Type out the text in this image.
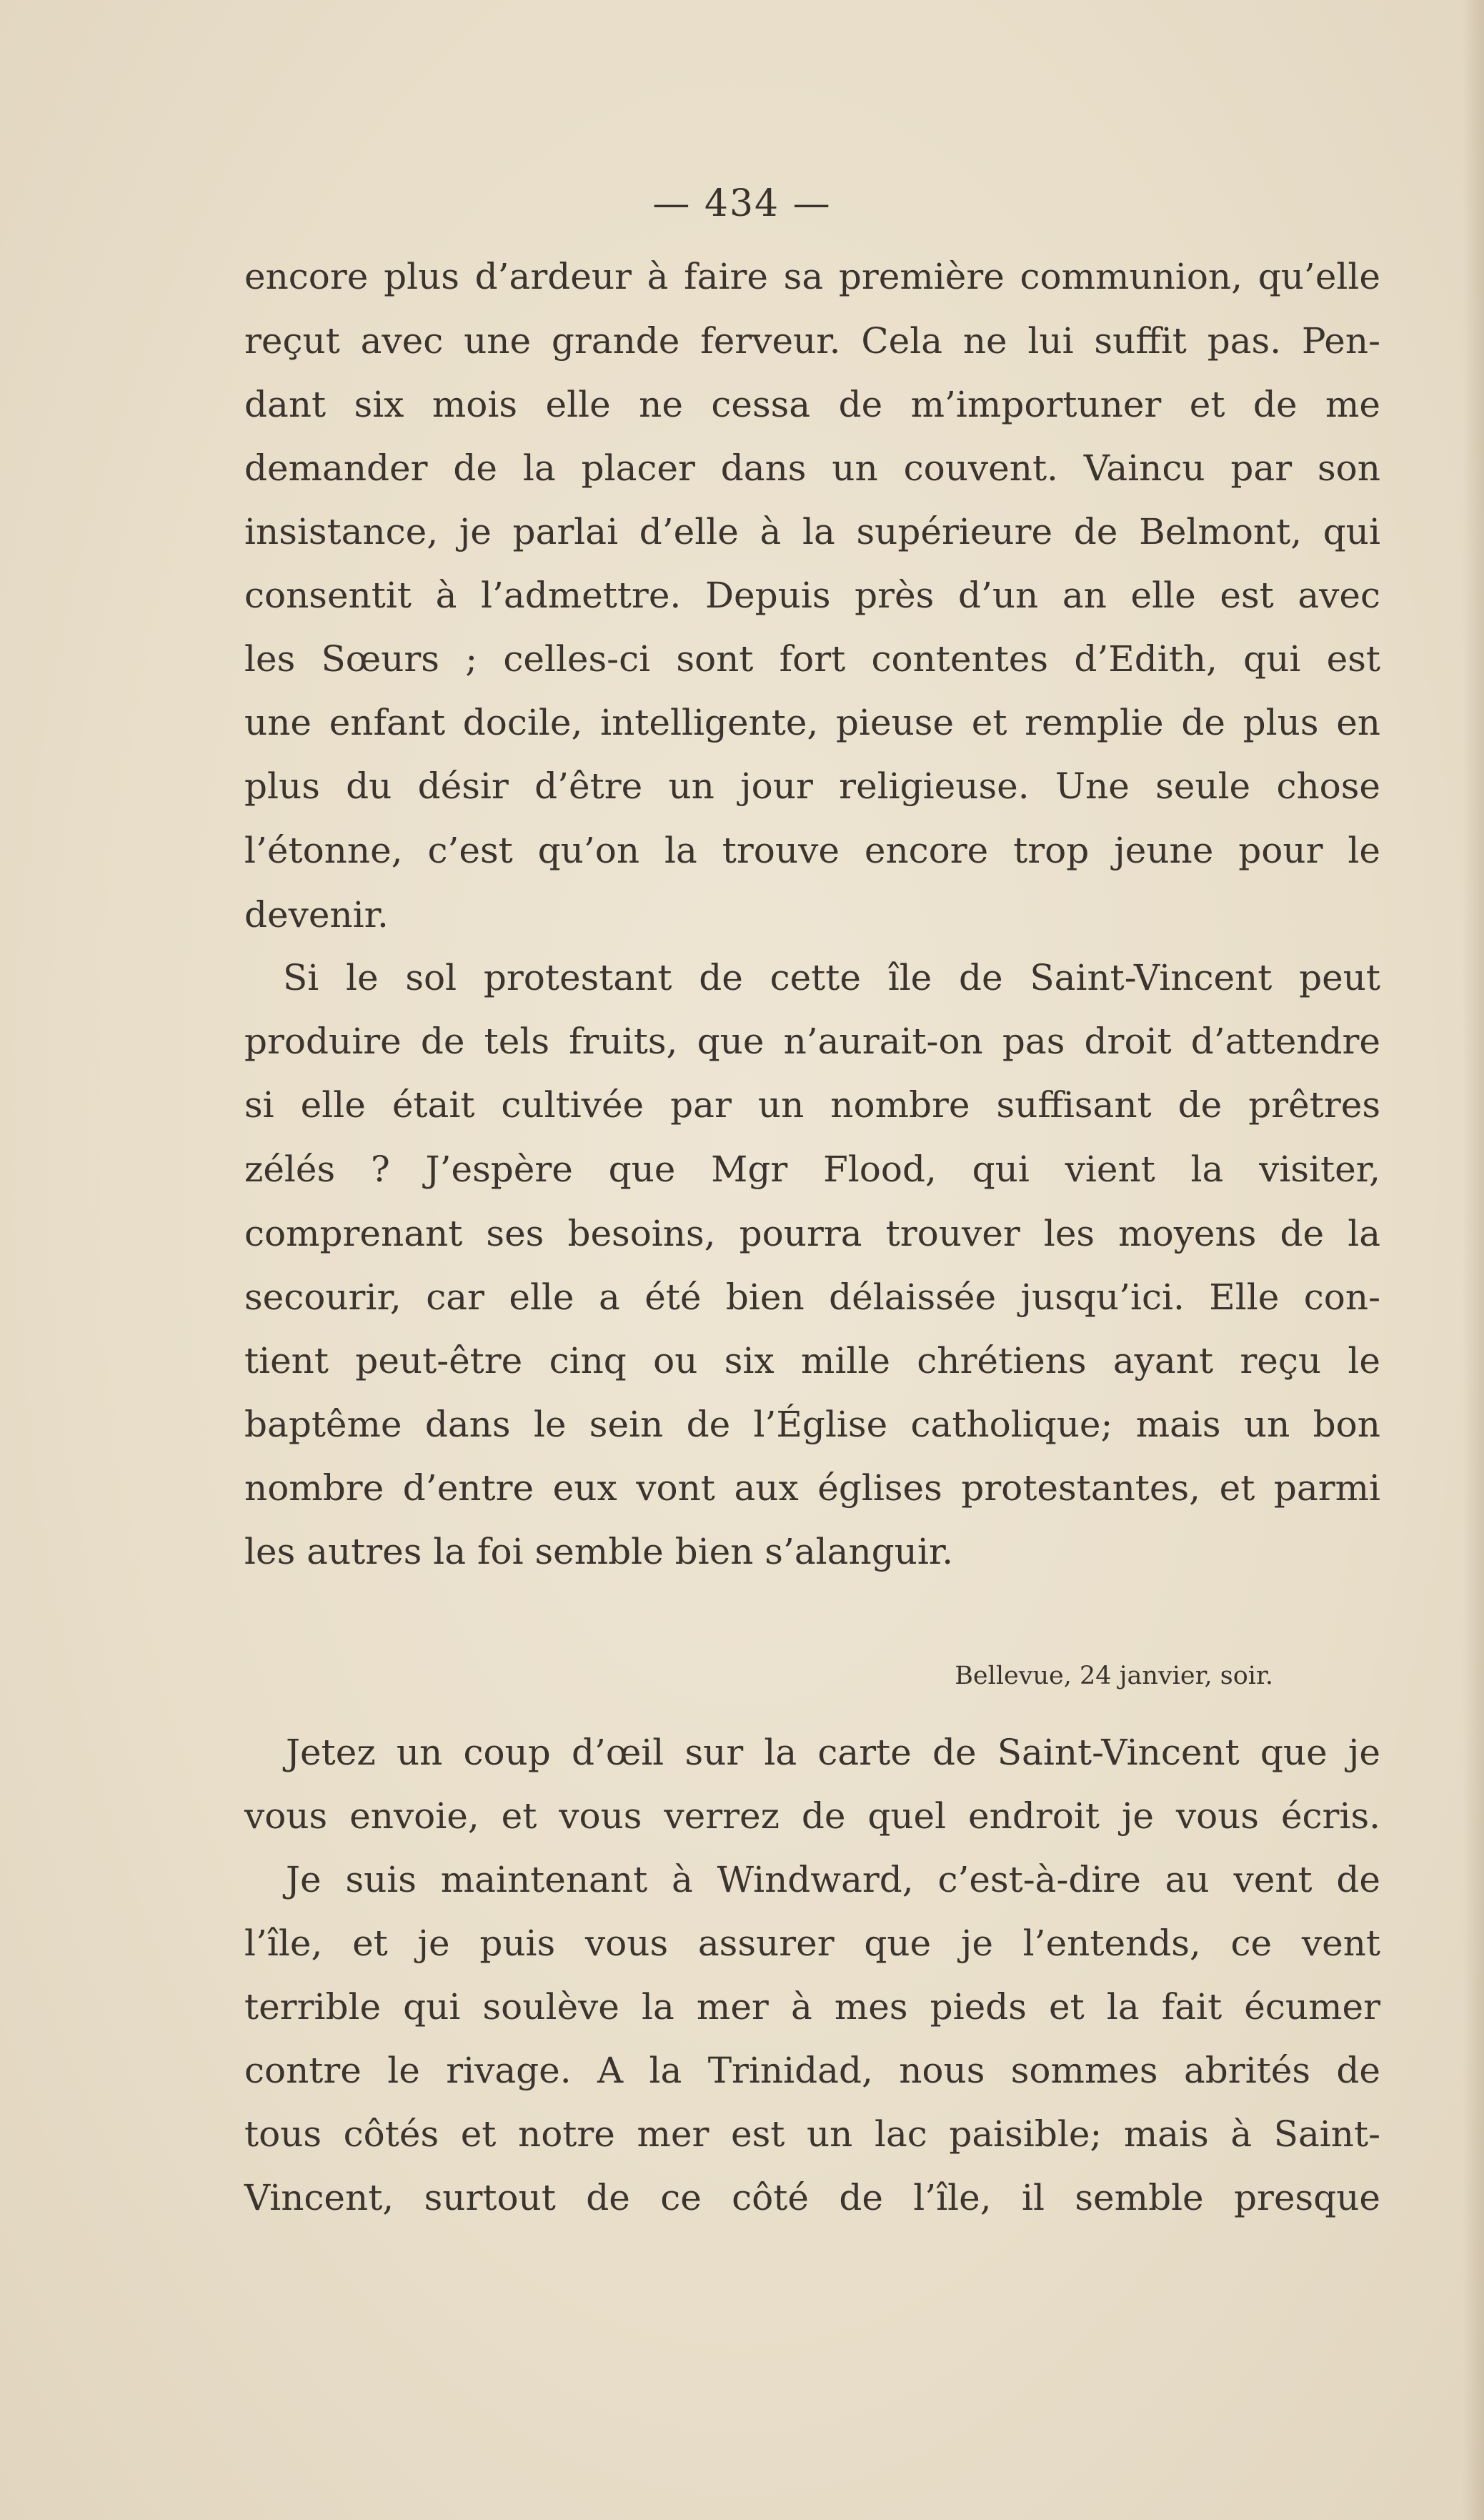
— 434 —
encore plus d’ardeur à faire sa première communion, qu’elle
reçut avec une grande ferveur. Cela ne lui suffit pas. Pen-
dant six mois elle ne cessa de m’importuner et de me
demander de la placer dans un couvent. Vaincu par son
insistance, je parlai d’elle à la supérieure de Belmont, qui
consentit à l’admettre. Depuis près d’un an elle est avec
les Sœurs ; celles-ci sont fort contentes d’Edith, qui est
une enfant docile, intelligente, pieuse et remplie de plus en
plus du désir d’être un jour religieuse. Une seule chose
l’étonne, c’est qu’on la trouve encore trop jeune pour le
devenir.
Si le sol protestant de cette île de Saint-Vincent peut
produire de tels fruits, que n’aurait-on pas droit d’attendre
si elle était cultivée par un nombre suffisant de prêtres
zélés ? J’espère que Mgr Flood, qui vient la visiter,
comprenant ses besoins, pourra trouver les moyens de la
secourir, car elle a été bien délaissée jusqu’ici. Elle con-
tient peut-être cinq ou six mille chrétiens ayant reçu le
baptême dans le sein de l’Église catholique; mais un bon
nombre d’entre eux vont aux églises protestantes, et parmi
les autres la foi semble bien s’alanguir.
Bellevue, 24 janvier, soir.
Jetez un coup d’œil sur la carte de Saint-Vincent que je
vous envoie, et vous verrez de quel endroit je vous écris.
Je suis maintenant à Windward, c’est-à-dire au vent de
l’île, et je puis vous assurer que je l’entends, ce vent
terrible qui soulève la mer à mes pieds et la fait écumer
contre le rivage. A la Trinidad, nous sommes abrités de
tous côtés et notre mer est un lac paisible; mais à Saint-
Vincent, surtout de ce côté de l’île, il semble presque
